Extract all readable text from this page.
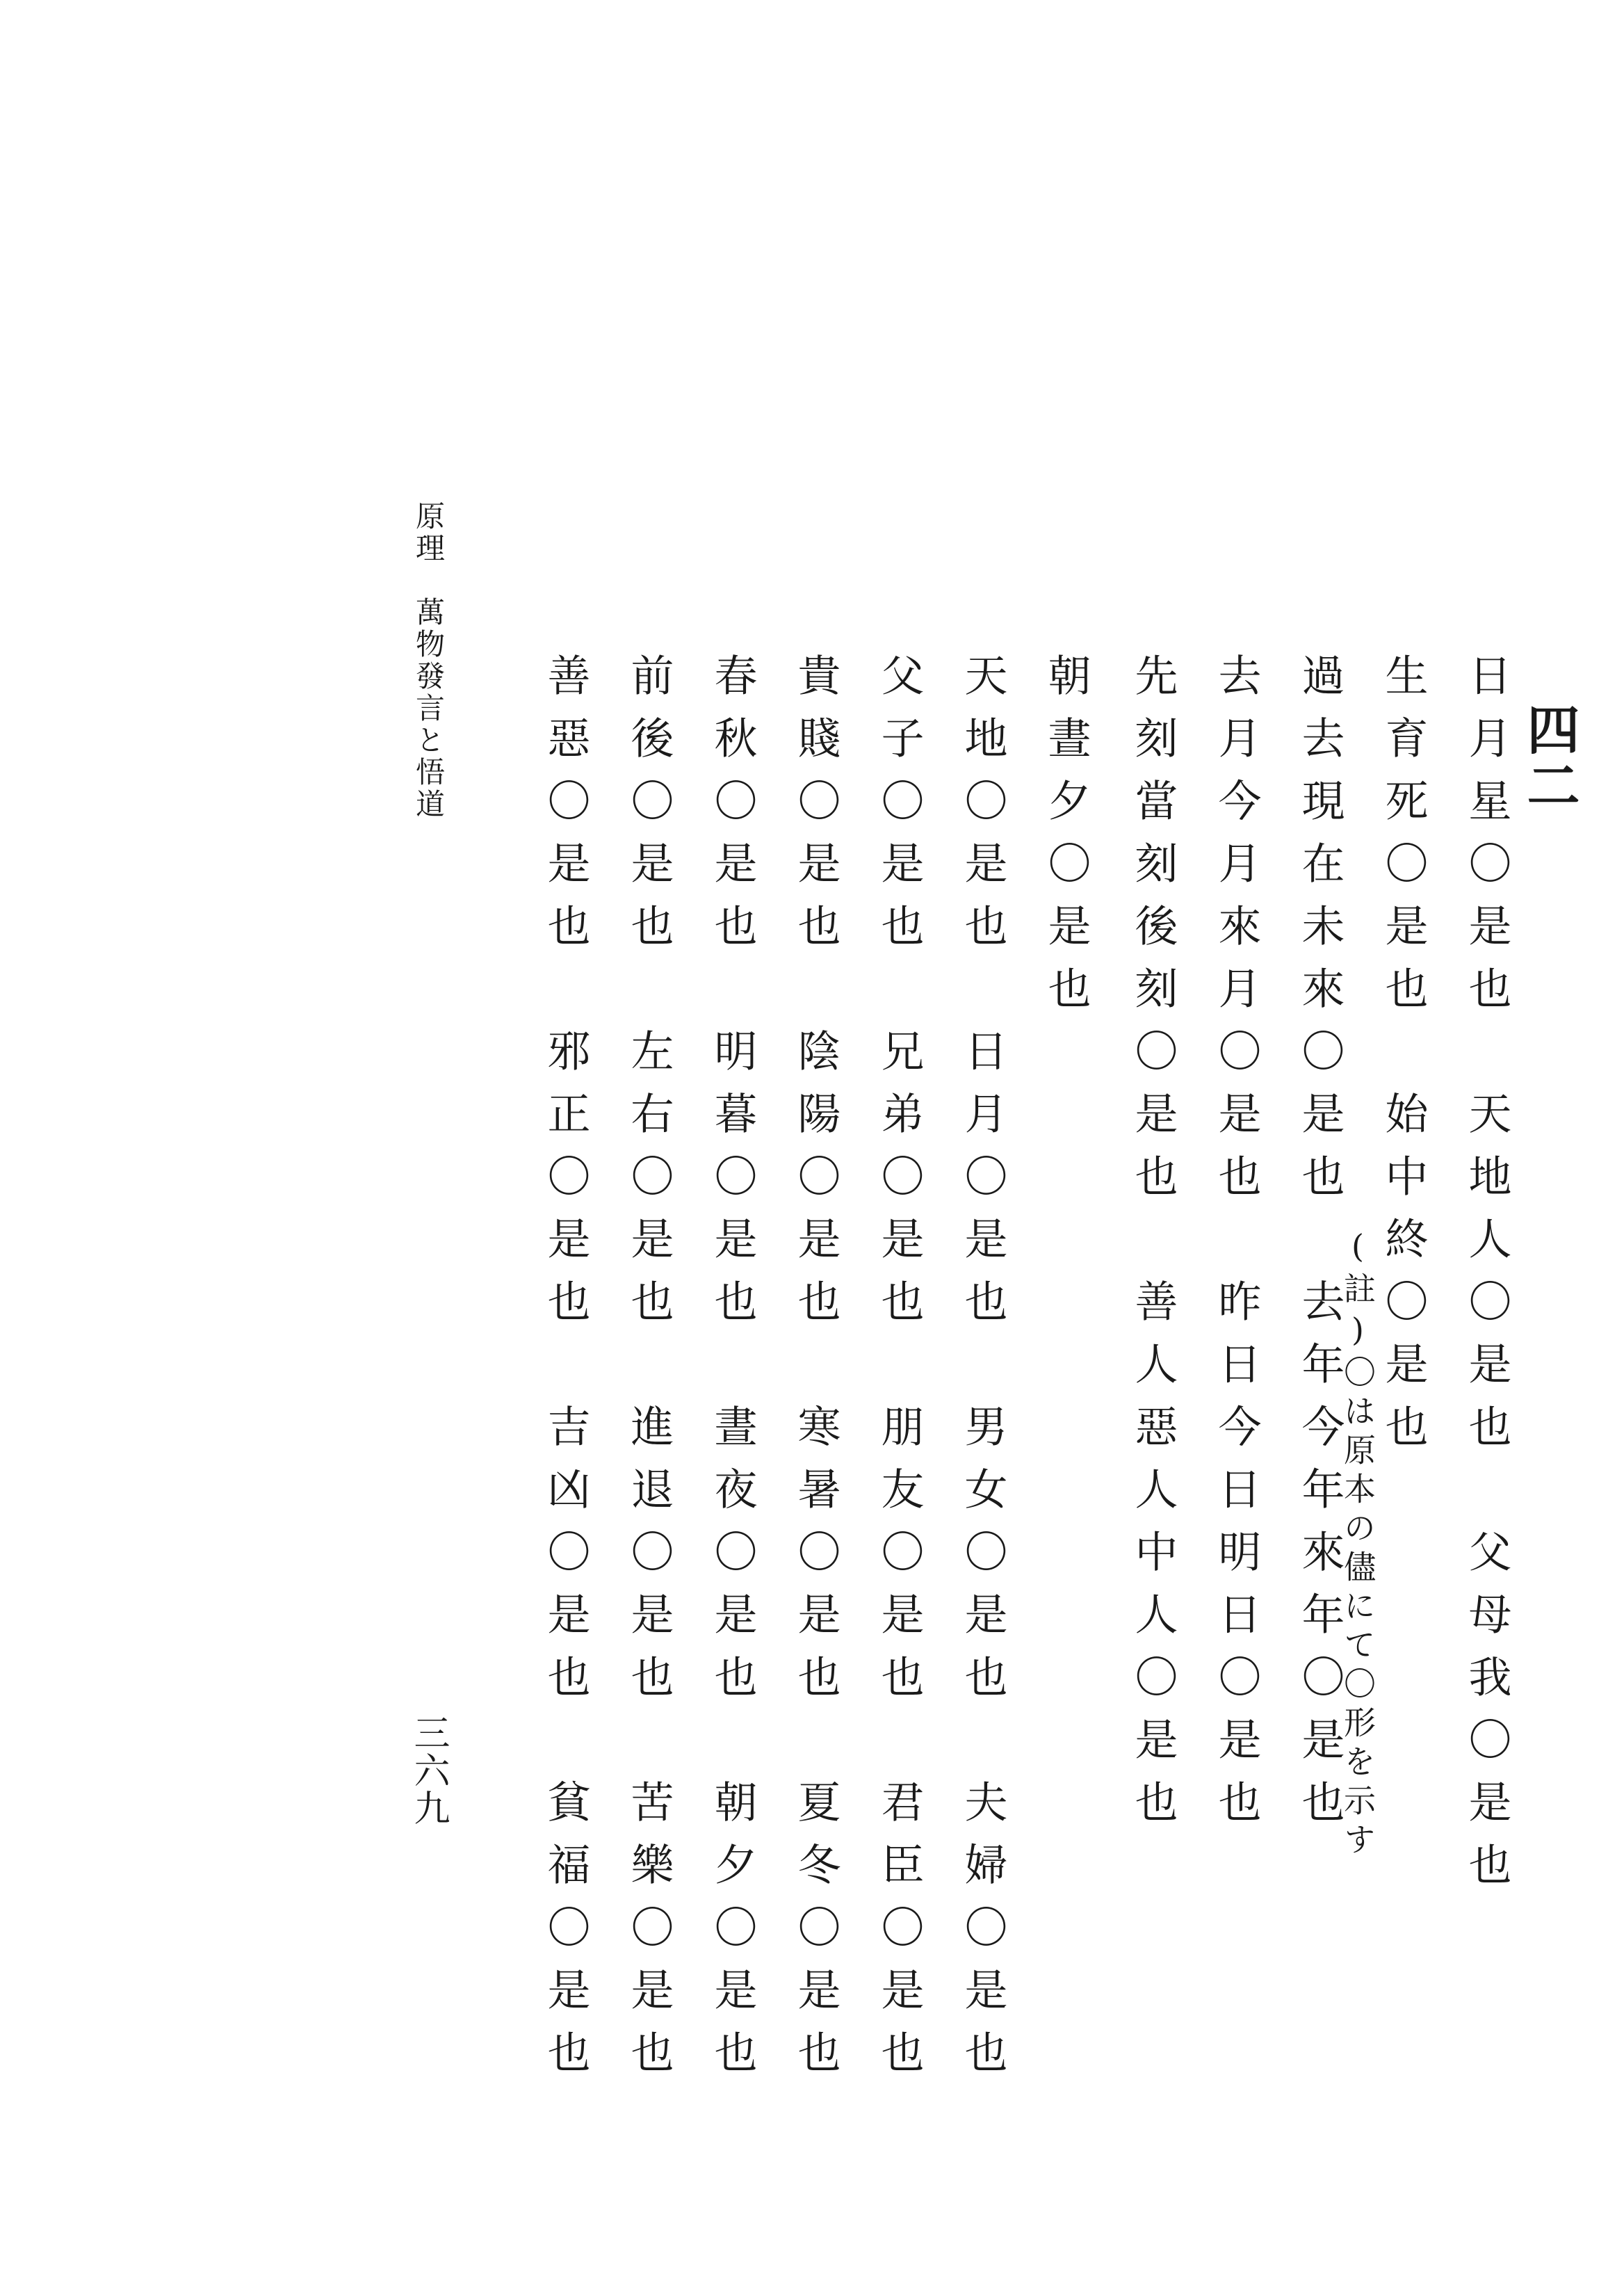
四二

日月星〇是也天地人〇是也父母我〇是也

生育死〇是也始中終〇是也

(註)〇は原本の儘にて〇形を示す

過去現在未來〇是也去年今年來年〇是也

去月今月來月〇是也昨日今日明日〇是也

先刻當刻後刻〇是也善人惡人中人〇是也

朝晝夕〇是也

天地〇是也日月〇是也男女〇是也夫婦〇是也

父子〇是也兄弟〇是也朋友〇是也君臣〇是也

貴賤〇是也陰陽〇是也寒暑〇是也夏冬〇是也

春秋〇是也明暮〇是也晝夜〇是也朝夕〇是也

前後〇是也左右〇是也進退〇是也苦樂〇是也

善惡〇是也邪正〇是也吉凶〇是也貧福〇是也

原理　萬物發言と悟道
三六九
